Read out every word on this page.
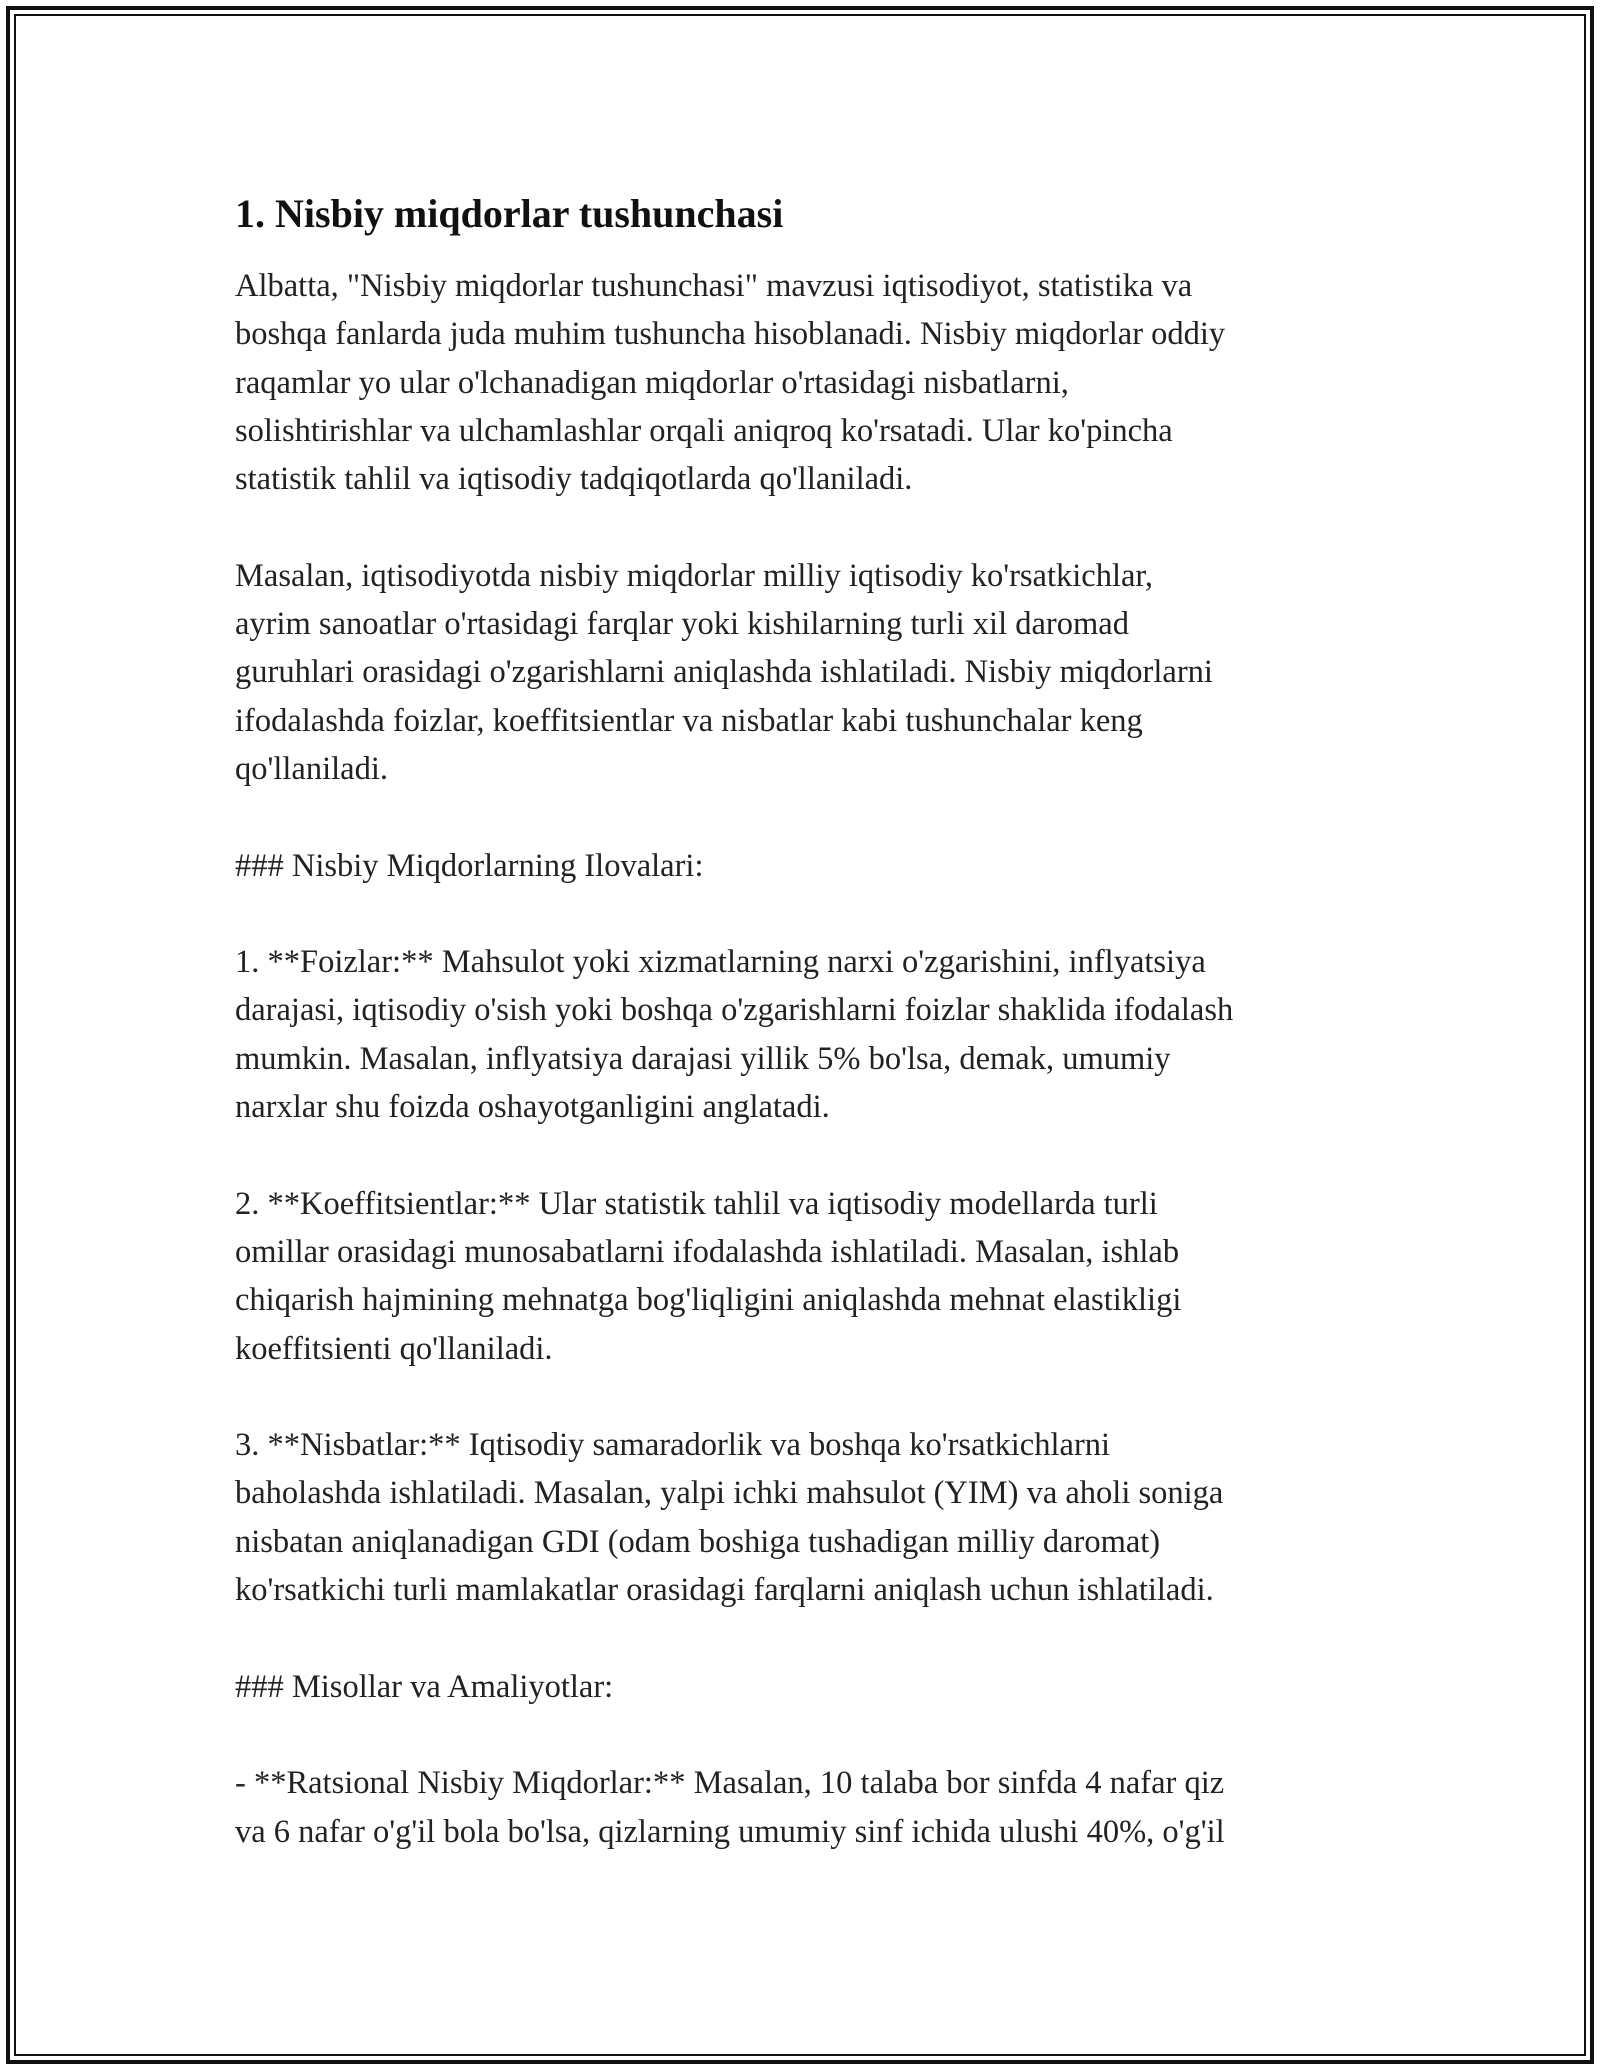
1. Nisbiy miqdorlar tushunchasi

Albatta, "Nisbiy miqdorlar tushunchasi" mavzusi iqtisodiyot, statistika va
boshqa fanlarda juda muhim tushuncha hisoblanadi. Nisbiy miqdorlar oddiy
raqamlar yo ular o'lchanadigan miqdorlar o'rtasidagi nisbatlarni,
solishtirishlar va ulchamlashlar orqali aniqroq ko'rsatadi. Ular ko'pincha
statistik tahlil va iqtisodiy tadqiqotlarda qo'llaniladi.

Masalan, iqtisodiyotda nisbiy miqdorlar milliy iqtisodiy ko'rsatkichlar,
ayrim sanoatlar o'rtasidagi farqlar yoki kishilarning turli xil daromad
guruhlari orasidagi o'zgarishlarni aniqlashda ishlatiladi. Nisbiy miqdorlarni
ifodalashda foizlar, koeffitsientlar va nisbatlar kabi tushunchalar keng
qo'llaniladi.

### Nisbiy Miqdorlarning Ilovalari:

1. **Foizlar:** Mahsulot yoki xizmatlarning narxi o'zgarishini, inflyatsiya
darajasi, iqtisodiy o'sish yoki boshqa o'zgarishlarni foizlar shaklida ifodalash
mumkin. Masalan, inflyatsiya darajasi yillik 5% bo'lsa, demak, umumiy
narxlar shu foizda oshayotganligini anglatadi.

2. **Koeffitsientlar:** Ular statistik tahlil va iqtisodiy modellarda turli
omillar orasidagi munosabatlarni ifodalashda ishlatiladi. Masalan, ishlab
chiqarish hajmining mehnatga bog'liqligini aniqlashda mehnat elastikligi
koeffitsienti qo'llaniladi.

3. **Nisbatlar:** Iqtisodiy samaradorlik va boshqa ko'rsatkichlarni
baholashda ishlatiladi. Masalan, yalpi ichki mahsulot (YIM) va aholi soniga
nisbatan aniqlanadigan GDI (odam boshiga tushadigan milliy daromat)
ko'rsatkichi turli mamlakatlar orasidagi farqlarni aniqlash uchun ishlatiladi.

### Misollar va Amaliyotlar:

- **Ratsional Nisbiy Miqdorlar:** Masalan, 10 talaba bor sinfda 4 nafar qiz
va 6 nafar o'g'il bola bo'lsa, qizlarning umumiy sinf ichida ulushi 40%, o'g'il
